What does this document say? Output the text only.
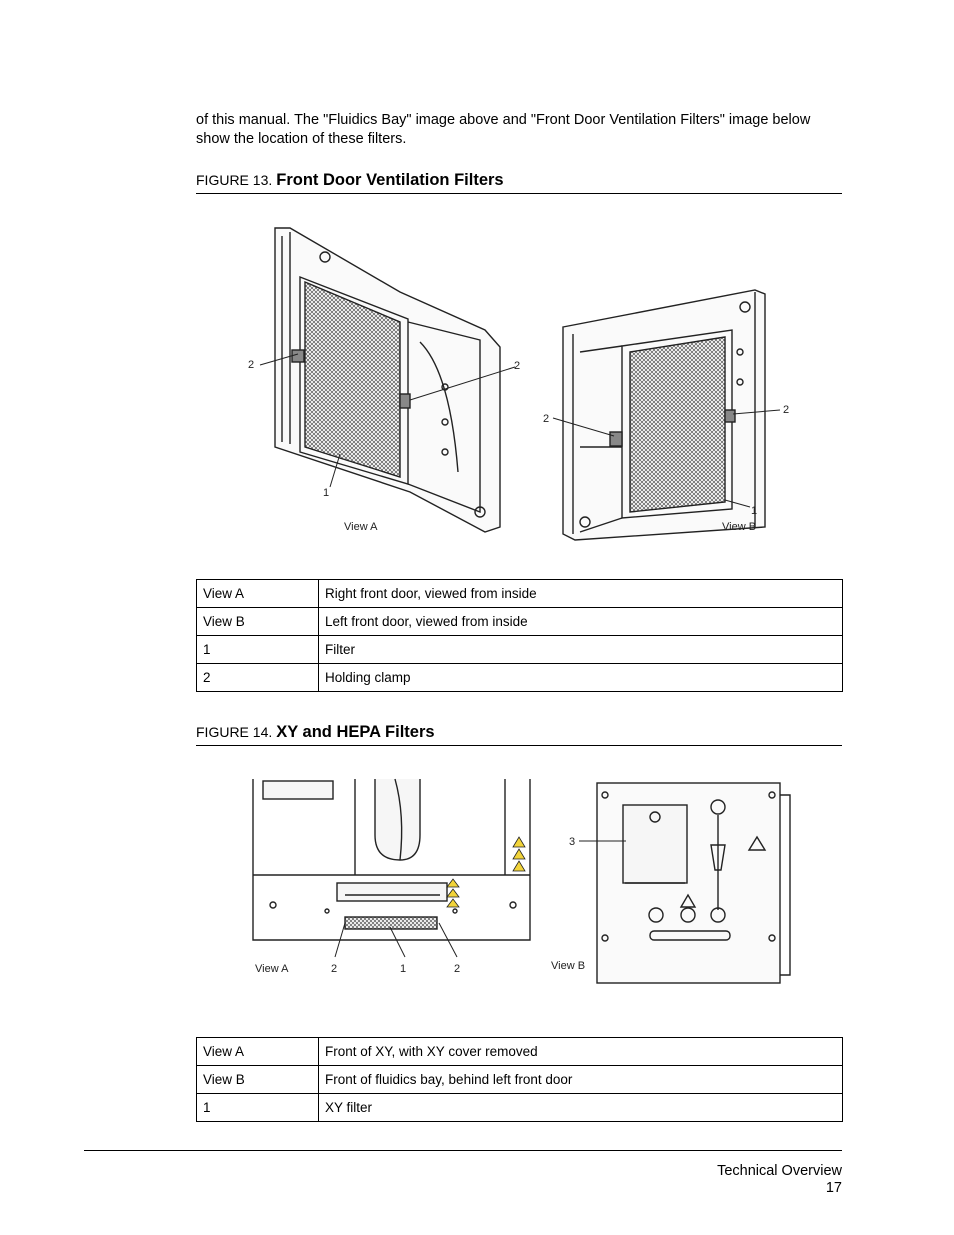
of this manual. The "Fluidics Bay" image above and "Front Door Ventilation Filters" image below show the location of these filters.
FIGURE 13. Front Door Ventilation Filters
2	2
1
View A
2
2
1
View B
View A	Right front door, viewed from inside
View B	Left front door, viewed from inside
1	Filter
2	Holding clamp
FIGURE 14. XY and HEPA Filters
2	1	2
View A
3
View B
View A	Front of XY, with XY cover removed
View B	Front of fluidics bay, behind left front door
1	XY filter
Technical Overview
17
